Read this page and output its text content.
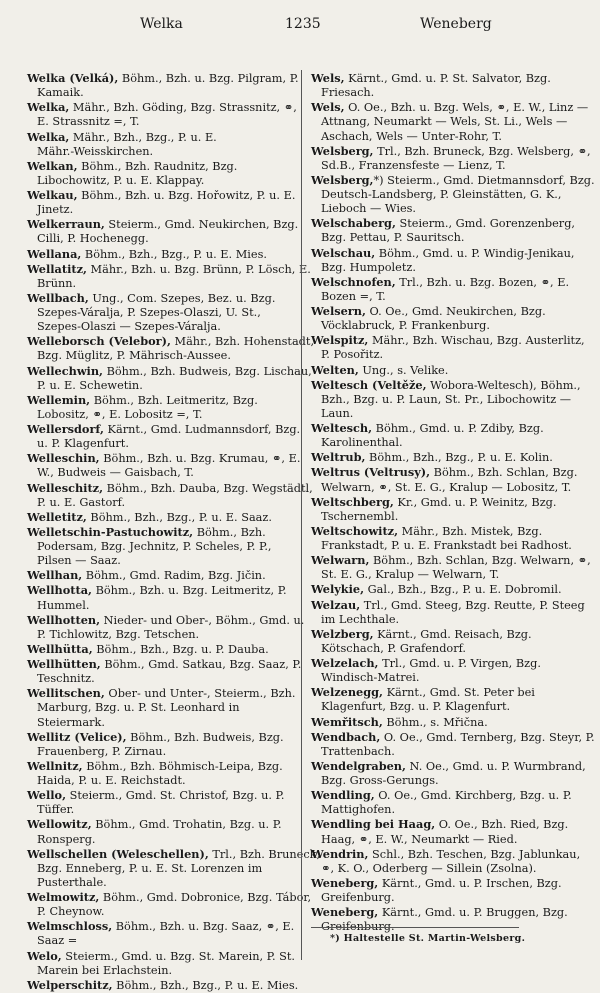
Welka	1235	Weneberg
Welka (Velká), Böhm., Bzh. u. Bzg. Pilgram, P.
Kamaik.
Welka, Mähr., Bzh. Göding, Bzg. Strassnitz, ⚭,
E. Strassnitz =, T.
Welka, Mähr., Bzh., Bzg., P. u. E.
Mähr.-Weisskirchen.
Welkan, Böhm., Bzh. Raudnitz, Bzg.
Libochowitz, P. u. E. Klappay.
Welkau, Böhm., Bzh. u. Bzg. Hořowitz, P. u. E.
Jinetz.
Welkerraun, Steierm., Gmd. Neukirchen, Bzg.
Cilli, P. Hochenegg.
Wellana, Böhm., Bzh., Bzg., P. u. E. Mies.
Wellatitz, Mähr., Bzh. u. Bzg. Brünn, P. Lösch, E.
Brünn.
Wellbach, Ung., Com. Szepes, Bez. u. Bzg.
Szepes-Váralja, P. Szepes-Olaszi, U. St.,
Szepes-Olaszi — Szepes-Váralja.
Welleborsch (Velebor), Mähr., Bzh. Hohenstadt,
Bzg. Müglitz, P. Mährisch-Aussee.
Wellechwin, Böhm., Bzh. Budweis, Bzg. Lischau,
P. u. E. Schewetin.
Wellemin, Böhm., Bzh. Leitmeritz, Bzg.
Lobositz, ⚭, E. Lobositz =, T.
Wellersdorf, Kärnt., Gmd. Ludmannsdorf, Bzg.
u. P. Klagenfurt.
Welleschin, Böhm., Bzh. u. Bzg. Krumau, ⚭, E.
W., Budweis — Gaisbach, T.
Welleschitz, Böhm., Bzh. Dauba, Bzg. Wegstädtl,
P. u. E. Gastorf.
Welletitz, Böhm., Bzh., Bzg., P. u. E. Saaz.
Welletschin-Pastuchowitz, Böhm., Bzh.
Podersam, Bzg. Jechnitz, P. Scheles, P. P.,
Pilsen — Saaz.
Wellhan, Böhm., Gmd. Radim, Bzg. Jičin.
Wellhotta, Böhm., Bzh. u. Bzg. Leitmeritz, P.
Hummel.
Wellhotten, Nieder- und Ober-, Böhm., Gmd. u.
P. Tichlowitz, Bzg. Tetschen.
Wellhütta, Böhm., Bzh., Bzg. u. P. Dauba.
Wellhütten, Böhm., Gmd. Satkau, Bzg. Saaz, P.
Teschnitz.
Wellitschen, Ober- und Unter-, Steierm., Bzh.
Marburg, Bzg. u. P. St. Leonhard in
Steiermark.
Wellitz (Velice), Böhm., Bzh. Budweis, Bzg.
Frauenberg, P. Zirnau.
Wellnitz, Böhm., Bzh. Böhmisch-Leipa, Bzg.
Haida, P. u. E. Reichstadt.
Wello, Steierm., Gmd. St. Christof, Bzg. u. P.
Tüffer.
Wellowitz, Böhm., Gmd. Trohatin, Bzg. u. P.
Ronsperg.
Wellschellen (Weleschellen), Trl., Bzh. Bruneck,
Bzg. Enneberg, P. u. E. St. Lorenzen im
Pusterthale.
Welmowitz, Böhm., Gmd. Dobronice, Bzg. Tábor,
P. Cheynow.
Welmschloss, Böhm., Bzh. u. Bzg. Saaz, ⚭, E.
Saaz =
Welo, Steierm., Gmd. u. Bzg. St. Marein, P. St.
Marein bei Erlachstein.
Welperschitz, Böhm., Bzh., Bzg., P. u. E. Mies.
Wels, Kärnt., Gmd. u. P. St. Salvator, Bzg.
Friesach.
Wels, O. Oe., Bzh. u. Bzg. Wels, ⚭, E. W., Linz —
Attnang, Neumarkt — Wels, St. Li., Wels —
Aschach, Wels — Unter-Rohr, T.
Welsberg, Trl., Bzh. Bruneck, Bzg. Welsberg, ⚭,
Sd.B., Franzensfeste — Lienz, T.
Welsberg,*) Steierm., Gmd. Dietmannsdorf, Bzg.
Deutsch-Landsberg, P. Gleinstätten, G. K.,
Lieboch — Wies.
Welschaberg, Steierm., Gmd. Gorenzenberg,
Bzg. Pettau, P. Sauritsch.
Welschau, Böhm., Gmd. u. P. Windig-Jenikau,
Bzg. Humpoletz.
Welschnofen, Trl., Bzh. u. Bzg. Bozen, ⚭, E.
Bozen =, T.
Welsern, O. Oe., Gmd. Neukirchen, Bzg.
Vöcklabruck, P. Frankenburg.
Welspitz, Mähr., Bzh. Wischau, Bzg. Austerlitz,
P. Posořitz.
Welten, Ung., s. Velike.
Weltesch (Veltěže, Wobora-Weltesch), Böhm.,
Bzh., Bzg. u. P. Laun, St. Pr., Libochowitz —
Laun.
Weltesch, Böhm., Gmd. u. P. Zdiby, Bzg.
Karolinenthal.
Weltrub, Böhm., Bzh., Bzg., P. u. E. Kolin.
Weltrus (Veltrusy), Böhm., Bzh. Schlan, Bzg.
Welwarn, ⚭, St. E. G., Kralup — Lobositz, T.
Weltschberg, Kr., Gmd. u. P. Weinitz, Bzg.
Tschernembl.
Weltschowitz, Mähr., Bzh. Mistek, Bzg.
Frankstadt, P. u. E. Frankstadt bei Radhost.
Welwarn, Böhm., Bzh. Schlan, Bzg. Welwarn, ⚭,
St. E. G., Kralup — Welwarn, T.
Welykie, Gal., Bzh., Bzg., P. u. E. Dobromil.
Welzau, Trl., Gmd. Steeg, Bzg. Reutte, P. Steeg
im Lechthale.
Welzberg, Kärnt., Gmd. Reisach, Bzg.
Kötschach, P. Grafendorf.
Welzelach, Trl., Gmd. u. P. Virgen, Bzg.
Windisch-Matrei.
Welzenegg, Kärnt., Gmd. St. Peter bei
Klagenfurt, Bzg. u. P. Klagenfurt.
Wemřitsch, Böhm., s. Mřična.
Wendbach, O. Oe., Gmd. Ternberg, Bzg. Steyr, P.
Trattenbach.
Wendelgraben, N. Oe., Gmd. u. P. Wurmbrand,
Bzg. Gross-Gerungs.
Wendling, O. Oe., Gmd. Kirchberg, Bzg. u. P.
Mattighofen.
Wendling bei Haag, O. Oe., Bzh. Ried, Bzg.
Haag, ⚭, E. W., Neumarkt — Ried.
Wendrin, Schl., Bzh. Teschen, Bzg. Jablunkau,
⚭, K. O., Oderberg — Sillein (Zsolna).
Weneberg, Kärnt., Gmd. u. P. Irschen, Bzg.
Greifenburg.
Weneberg, Kärnt., Gmd. u. P. Bruggen, Bzg.
Greifenburg.
*) Haltestelle St. Martin-Welsberg.
